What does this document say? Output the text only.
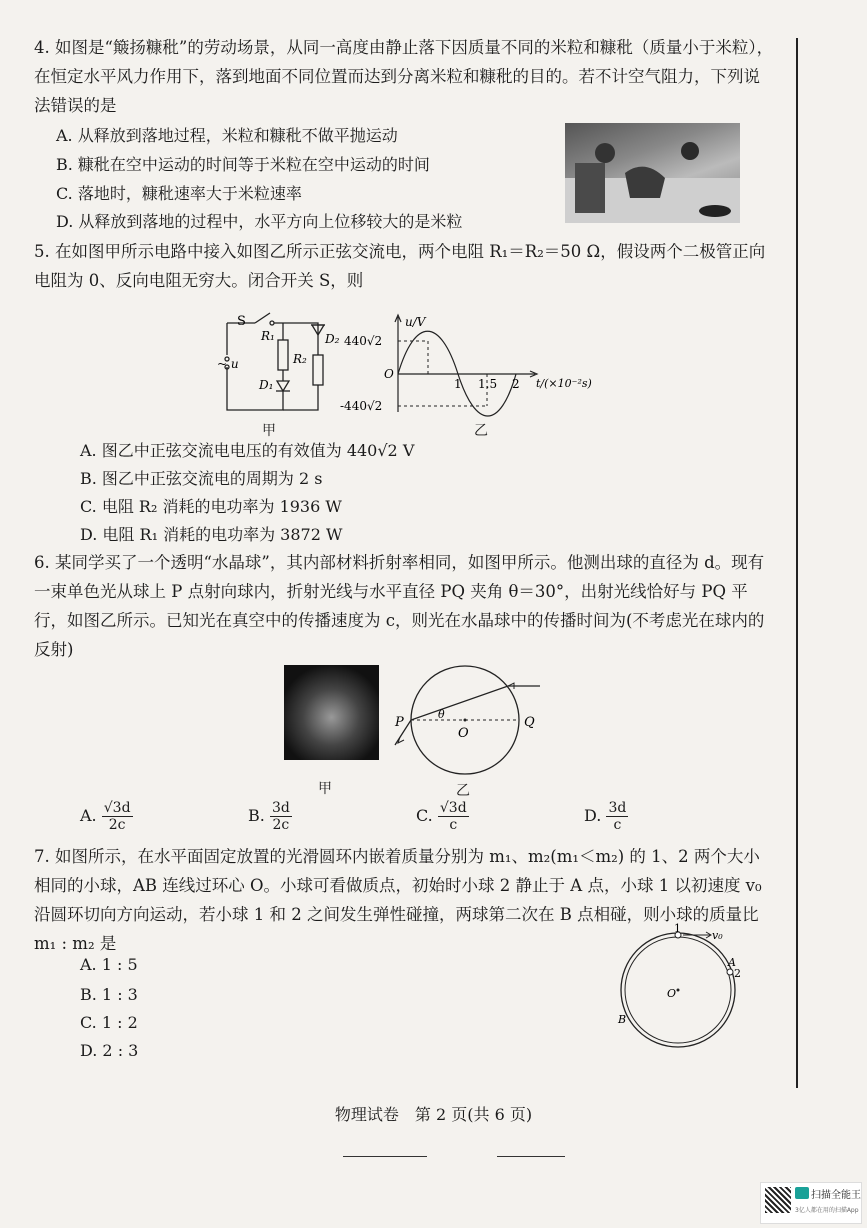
4. 如图是“簸扬糠秕”的劳动场景，从同一高度由静止落下因质量不同的米粒和糠秕（质量小于米粒），在恒定水平风力作用下，落到地面不同位置而达到分离米粒和糠秕的目的。若不计空气阻力，下列说法错误的是
A. 从释放到落地过程，米粒和糠秕不做平抛运动
B. 糠秕在空中运动的时间等于米粒在空中运动的时间
C. 落地时，糠秕速率大于米粒速率
D. 从释放到落地的过程中，水平方向上位移较大的是米粒
5. 在如图甲所示电路中接入如图乙所示正弦交流电，两个电阻 R₁＝R₂＝50 Ω，假设两个二极管正向电阻为 0、反向电阻无穷大。闭合开关 S，则
S
~ u
R₁
R₂
D₁
D₂
甲
u/V
440√2
-440√2
O
1 1.5 2 t/(×10⁻²s)
乙
A. 图乙中正弦交流电电压的有效值为 440√2 V
B. 图乙中正弦交流电的周期为 2 s
C. 电阻 R₂ 消耗的电功率为 1936 W
D. 电阻 R₁ 消耗的电功率为 3872 W
6. 某同学买了一个透明“水晶球”，其内部材料折射率相同，如图甲所示。他测出球的直径为 d。现有一束单色光从球上 P 点射向球内，折射光线与水平直径 PQ 夹角 θ＝30°，出射光线恰好与 PQ 平行，如图乙所示。已知光在真空中的传播速度为 c，则光在水晶球中的传播时间为(不考虑光在球内的反射)
甲
P	Q
O
θ
乙
A. $\frac{√3d}{2c}$	B. $\frac{3d}{2c}$	C. $\frac{√3d}{c}$	D. $\frac{3d}{c}$
7. 如图所示，在水平面固定放置的光滑圆环内嵌着质量分别为 m₁、m₂(m₁＜m₂) 的 1、2 两个大小相同的小球，AB 连线过环心 O。小球可看做质点，初始时小球 2 静止于 A 点，小球 1 以初速度 v₀ 沿圆环切向方向运动，若小球 1 和 2 之间发生弹性碰撞，两球第二次在 B 点相碰，则小球的质量比 m₁ : m₂ 是
A. 1 : 5
B. 1 : 3
C. 1 : 2
D. 2 : 3
1
v₀
A
2
O
B
物理试卷　第 2 页(共 6 页)
扫描全能王
3亿人都在用的扫描App
